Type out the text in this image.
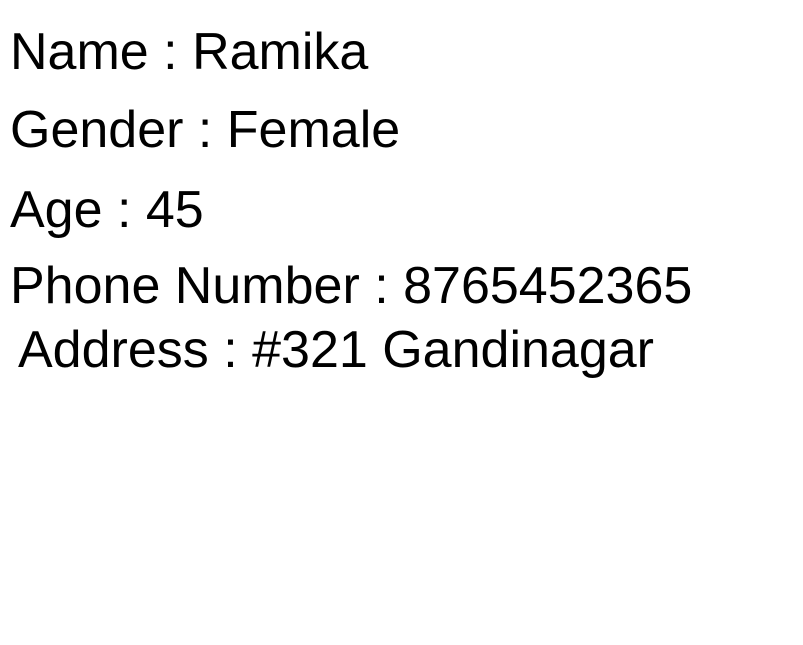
Name : Ramika
Gender : Female
Age : 45
Phone Number : 8765452365
Address : #321 Gandinagar
